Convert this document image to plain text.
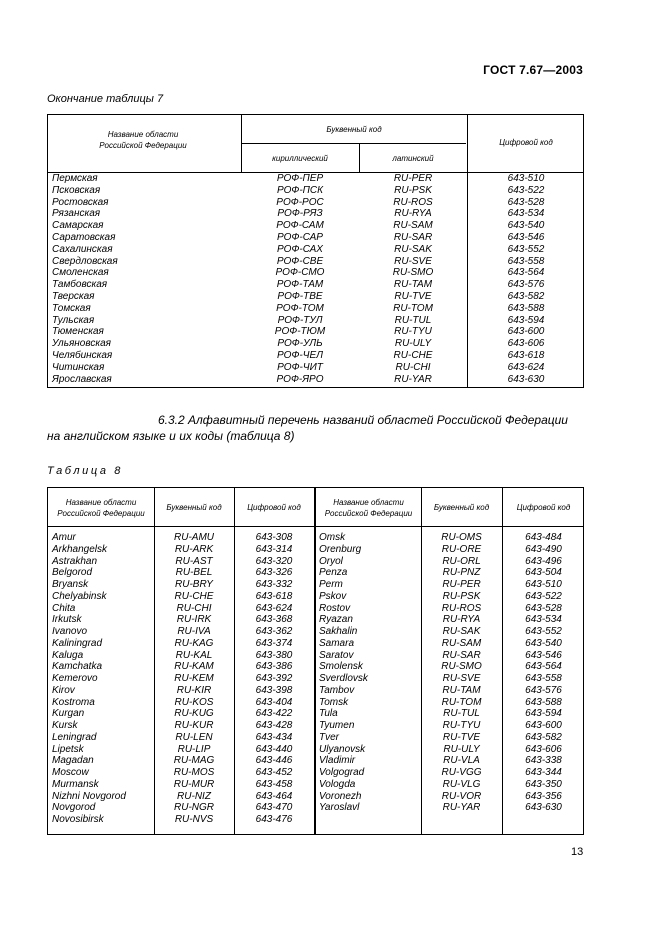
ГОСТ 7.67—2003
Окончание таблицы 7
Название области Российской Федерации
Буквенный код
кириллический	латинский
Цифровой код
Пермская	РОФ-ПЕР	RU-PER	643-510
Псковская	РОФ-ПСК	RU-PSK	643-522
Ростовская	РОФ-РОС	RU-ROS	643-528
Рязанская	РОФ-РЯЗ	RU-RYA	643-534
Самарская	РОФ-САМ	RU-SAM	643-540
Саратовская	РОФ-САР	RU-SAR	643-546
Сахалинская	РОФ-САХ	RU-SAK	643-552
Свердловская	РОФ-СВЕ	RU-SVE	643-558
Смоленская	РОФ-СМО	RU-SMO	643-564
Тамбовская	РОФ-ТАМ	RU-TAM	643-576
Тверская	РОФ-ТВЕ	RU-TVE	643-582
Томская	РОФ-ТОМ	RU-TOM	643-588
Тульская	РОФ-ТУЛ	RU-TUL	643-594
Тюменская	РОФ-ТЮМ	RU-TYU	643-600
Ульяновская	РОФ-УЛЬ	RU-ULY	643-606
Челябинская	РОФ-ЧЕЛ	RU-CHE	643-618
Читинская	РОФ-ЧИТ	RU-CHI	643-624
Ярославская	РОФ-ЯРО	RU-YAR	643-630
6.3.2 Алфавитный перечень названий областей Российской Федерации на английском языке и их коды (таблица 8)
Таблица 8
Название области Российской Федерации
Буквенный код	Цифровой код
Название области Российской Федерации
Буквенный код	Цифровой код
Amur	RU-AMU	643-308
Arkhangelsk	RU-ARK	643-314
Astrakhan	RU-AST	643-320
Belgorod	RU-BEL	643-326
Bryansk	RU-BRY	643-332
Chelyabinsk	RU-CHE	643-618
Chita	RU-CHI	643-624
Irkutsk	RU-IRK	643-368
Ivanovo	RU-IVA	643-362
Kaliningrad	RU-KAG	643-374
Kaluga	RU-KAL	643-380
Kamchatka	RU-KAM	643-386
Kemerovo	RU-KEM	643-392
Kirov	RU-KIR	643-398
Kostroma	RU-KOS	643-404
Kurgan	RU-KUG	643-422
Kursk	RU-KUR	643-428
Leningrad	RU-LEN	643-434
Lipetsk	RU-LIP	643-440
Magadan	RU-MAG	643-446
Moscow	RU-MOS	643-452
Murmansk	RU-MUR	643-458
Nizhni Novgorod	RU-NIZ	643-464
Novgorod	RU-NGR	643-470
Novosibirsk	RU-NVS	643-476
Omsk	RU-OMS	643-484
Orenburg	RU-ORE	643-490
Oryol	RU-ORL	643-496
Penza	RU-PNZ	643-504
Perm	RU-PER	643-510
Pskov	RU-PSK	643-522
Rostov	RU-ROS	643-528
Ryazan	RU-RYA	643-534
Sakhalin	RU-SAK	643-552
Samara	RU-SAM	643-540
Saratov	RU-SAR	643-546
Smolensk	RU-SMO	643-564
Sverdlovsk	RU-SVE	643-558
Tambov	RU-TAM	643-576
Tomsk	RU-TOM	643-588
Tula	RU-TUL	643-594
Tyumen	RU-TYU	643-600
Tver	RU-TVE	643-582
Ulyanovsk	RU-ULY	643-606
Vladimir	RU-VLA	643-338
Volgograd	RU-VGG	643-344
Vologda	RU-VLG	643-350
Voronezh	RU-VOR	643-356
Yaroslavl	RU-YAR	643-630
13
